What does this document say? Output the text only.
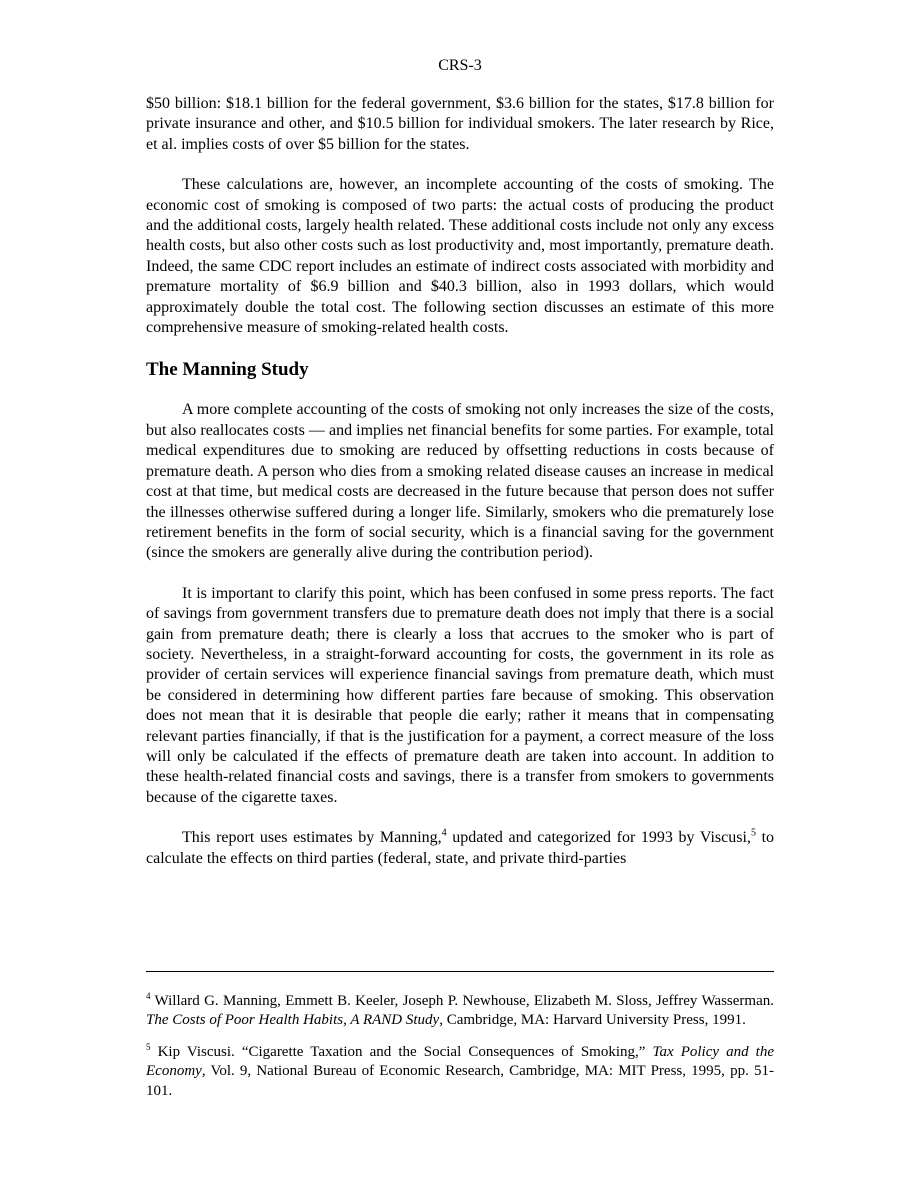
CRS-3

$50 billion: $18.1 billion for the federal government, $3.6 billion for the states, $17.8 billion for private insurance and other, and $10.5 billion for individual smokers. The later research by Rice, et al. implies costs of over $5 billion for the states.

These calculations are, however, an incomplete accounting of the costs of smoking. The economic cost of smoking is composed of two parts: the actual costs of producing the product and the additional costs, largely health related. These additional costs include not only any excess health costs, but also other costs such as lost productivity and, most importantly, premature death. Indeed, the same CDC report includes an estimate of indirect costs associated with morbidity and premature mortality of $6.9 billion and $40.3 billion, also in 1993 dollars, which would approximately double the total cost. The following section discusses an estimate of this more comprehensive measure of smoking-related health costs.

The Manning Study

A more complete accounting of the costs of smoking not only increases the size of the costs, but also reallocates costs — and implies net financial benefits for some parties. For example, total medical expenditures due to smoking are reduced by offsetting reductions in costs because of premature death. A person who dies from a smoking related disease causes an increase in medical cost at that time, but medical costs are decreased in the future because that person does not suffer the illnesses otherwise suffered during a longer life. Similarly, smokers who die prematurely lose retirement benefits in the form of social security, which is a financial saving for the government (since the smokers are generally alive during the contribution period).

It is important to clarify this point, which has been confused in some press reports. The fact of savings from government transfers due to premature death does not imply that there is a social gain from premature death; there is clearly a loss that accrues to the smoker who is part of society. Nevertheless, in a straight-forward accounting for costs, the government in its role as provider of certain services will experience financial savings from premature death, which must be considered in determining how different parties fare because of smoking. This observation does not mean that it is desirable that people die early; rather it means that in compensating relevant parties financially, if that is the justification for a payment, a correct measure of the loss will only be calculated if the effects of premature death are taken into account. In addition to these health-related financial costs and savings, there is a transfer from smokers to governments because of the cigarette taxes.

This report uses estimates by Manning,$^4$ updated and categorized for 1993 by Viscusi,$^5$ to calculate the effects on third parties (federal, state, and private third-parties

$^4$ Willard G. Manning, Emmett B. Keeler, Joseph P. Newhouse, Elizabeth M. Sloss, Jeffrey Wasserman. The Costs of Poor Health Habits, A RAND Study, Cambridge, MA: Harvard University Press, 1991.

$^5$ Kip Viscusi. “Cigarette Taxation and the Social Consequences of Smoking,” Tax Policy and the Economy, Vol. 9, National Bureau of Economic Research, Cambridge, MA: MIT Press, 1995, pp. 51-101.
